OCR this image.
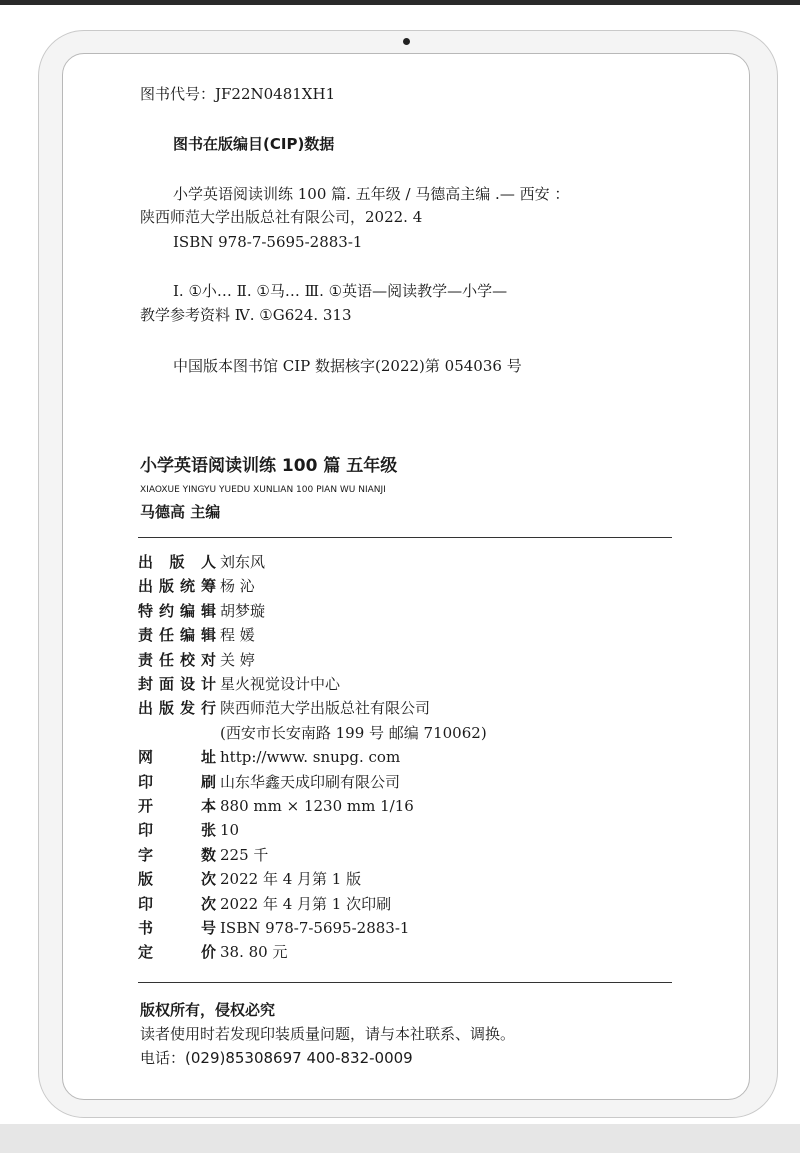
图书代号：JF22N0481XH1
图书在版编目(CIP)数据
小学英语阅读训练 100 篇. 五年级 / 马德高主编 .— 西安 ：
陕西师范大学出版总社有限公司，2022. 4
ISBN 978-7-5695-2883-1
Ⅰ. ①小… Ⅱ. ①马… Ⅲ. ①英语—阅读教学—小学—
教学参考资料 Ⅳ. ①G624. 313
中国版本图书馆 CIP 数据核字(2022)第 054036 号
小学英语阅读训练 100 篇 五年级
XIAOXUE YINGYU YUEDU XUNLIAN 100 PIAN WU NIANJI
马德高 主编
出 版 人 刘东风
出 版 统 筹 杨 沁
特 约 编 辑 胡梦璇
责 任 编 辑 程 媛
责 任 校 对 关 婷
封 面 设 计 星火视觉设计中心
出 版 发 行 陕西师范大学出版总社有限公司
(西安市长安南路 199 号 邮编 710062)
网	址 http://www. snupg. com
印	刷 山东华鑫天成印刷有限公司
开	本 880 mm × 1230 mm 1/16
印	张 10
字	数 225 千
版	次 2022 年 4 月第 1 版
印	次 2022 年 4 月第 1 次印刷
书	号 ISBN 978-7-5695-2883-1
定	价 38. 80 元
版权所有，侵权必究
读者使用时若发现印装质量问题，请与本社联系、调换。
电话：(029)85308697 400-832-0009
